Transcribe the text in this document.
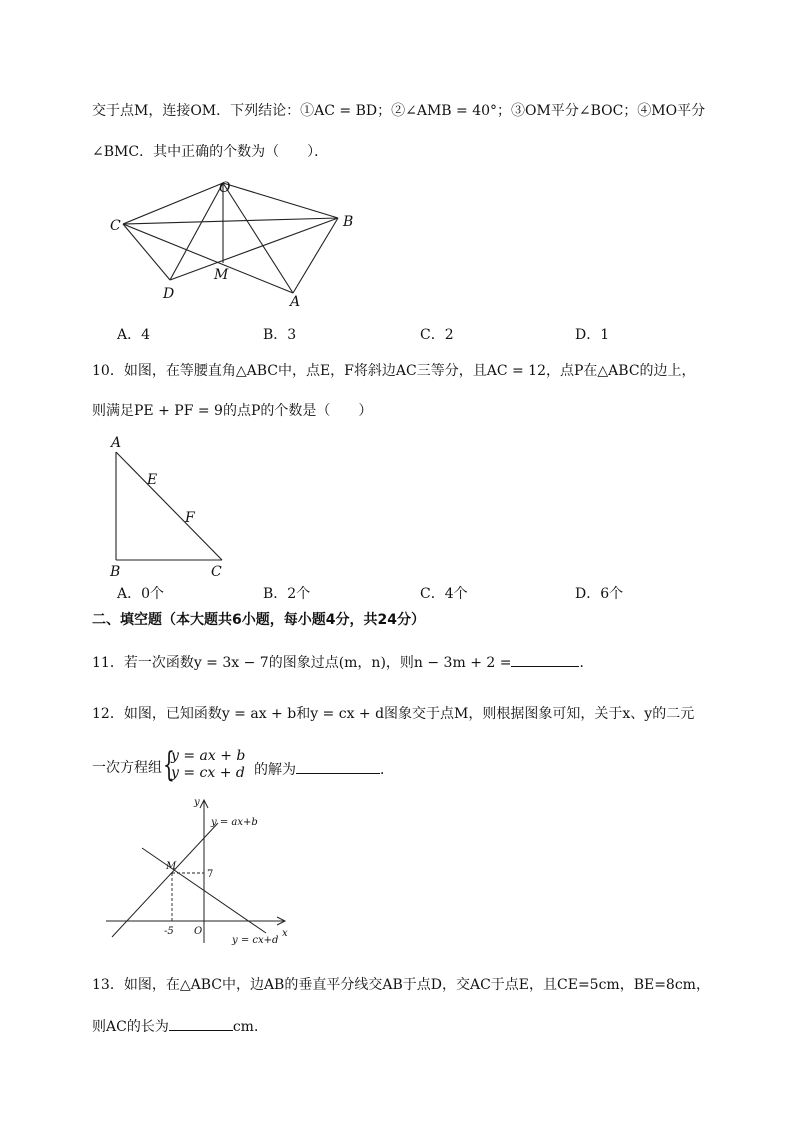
交于点M，连接OM．下列结论：①AC = BD；②∠AMB = 40°；③OM平分∠BOC；④MO平分
∠BMC．其中正确的个数为（　　）．
O
B
C
D
M
A
A．4	B．3	C．2	D．1
10．如图，在等腰直角△ABC中，点E，F将斜边AC三等分，且AC = 12，点P在△ABC的边上，
则满足PE + PF = 9的点P的个数是（　　）
A
E
F
B	C
A．0个	B．2个	C．4个	D．6个
二、填空题（本大题共6小题，每小题4分，共24分）
11．若一次函数y = 3x − 7的图象过点(m，n)，则n − 3m + 2 =	．
12．如图，已知函数y = ax + b和y = cx + d图象交于点M，则根据图象可知，关于x、y的二元
一次方程组 {
y = ax + b
y = cx + d 的解为	．
y
x
y = ax+b
y = cx+d
M
-5 O
7
13．如图，在△ABC中，边AB的垂直平分线交AB于点D，交AC于点E，且CE=5cm，BE=8cm，
则AC的长为	cm．
